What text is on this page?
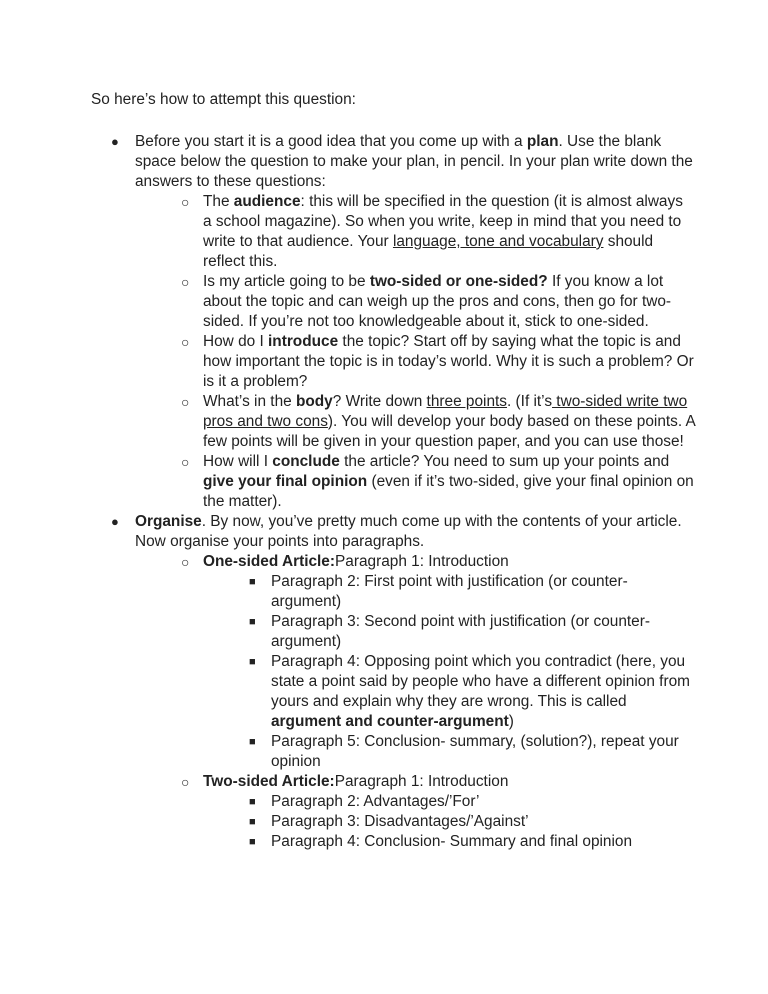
So here’s how to attempt this question:

● Before you start it is a good idea that you come up with a plan. Use the blank space below the question to make your plan, in pencil. In your plan write down the answers to these questions:
○ The audience: this will be specified in the question (it is almost always a school magazine). So when you write, keep in mind that you need to write to that audience. Your language, tone and vocabulary should reflect this.
○ Is my article going to be two-sided or one-sided? If you know a lot about the topic and can weigh up the pros and cons, then go for two-sided. If you’re not too knowledgeable about it, stick to one-sided.
○ How do I introduce the topic? Start off by saying what the topic is and how important the topic is in today’s world. Why it is such a problem? Or is it a problem?
○ What’s in the body? Write down three points. (If it’s two-sided write two pros and two cons). You will develop your body based on these points. A few points will be given in your question paper, and you can use those!
○ How will I conclude the article? You need to sum up your points and give your final opinion (even if it’s two-sided, give your final opinion on the matter).
● Organise. By now, you’ve pretty much come up with the contents of your article. Now organise your points into paragraphs.
○ One-sided Article:Paragraph 1: Introduction
■ Paragraph 2: First point with justification (or counter-argument)
■ Paragraph 3: Second point with justification (or counter-argument)
■ Paragraph 4: Opposing point which you contradict (here, you state a point said by people who have a different opinion from yours and explain why they are wrong. This is called argument and counter-argument)
■ Paragraph 5: Conclusion- summary, (solution?), repeat your opinion
○ Two-sided Article:Paragraph 1: Introduction
■ Paragraph 2: Advantages/’For’
■ Paragraph 3: Disadvantages/’Against’
■ Paragraph 4: Conclusion- Summary and final opinion
